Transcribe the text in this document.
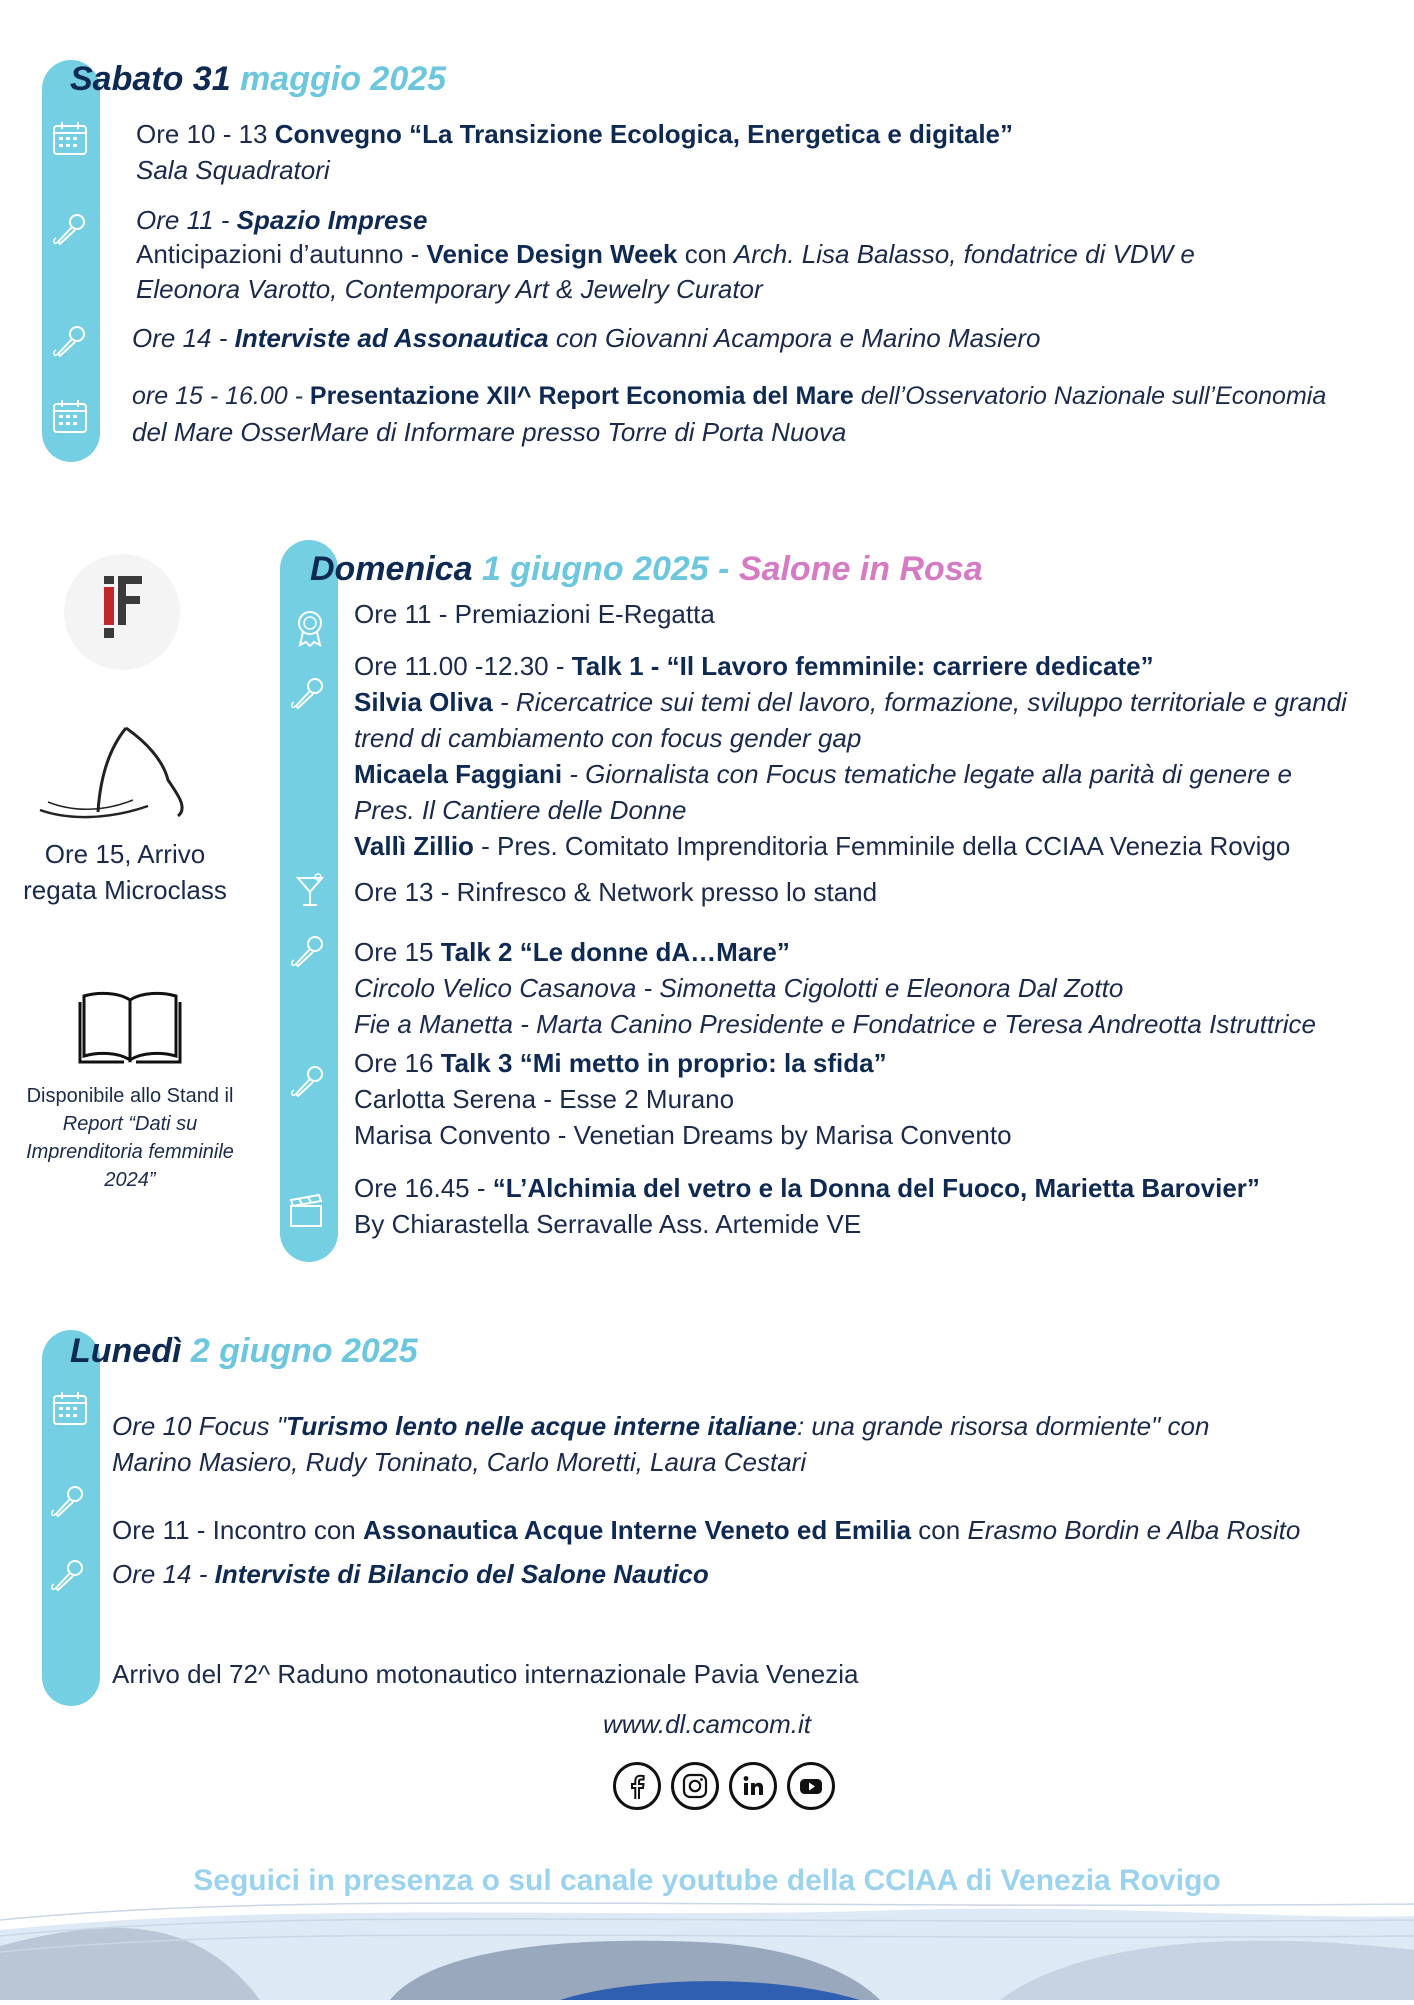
Sabato 31 maggio 2025
Ore 10 - 13 Convegno “La Transizione Ecologica, Energetica e digitale”
Sala Squadratori
Ore 11 - Spazio Imprese
Anticipazioni d’autunno - Venice Design Week con Arch. Lisa Balasso, fondatrice di VDW e
Eleonora Varotto, Contemporary Art & Jewelry Curator
Ore 14 - Interviste ad Assonautica con Giovanni Acampora e Marino Masiero
ore 15 - 16.00 - Presentazione XII^ Report Economia del Mare dell’Osservatorio Nazionale sull’Economia
del Mare OsserMare di Informare presso Torre di Porta Nuova
Ore 15, Arrivo
regata Microclass
Disponibile allo Stand il
Report “Dati su
Imprenditoria femminile
2024”
Domenica 1 giugno 2025 - Salone in Rosa
Ore 11 - Premiazioni E-Regatta
Ore 11.00 -12.30 - Talk 1 - “Il Lavoro femminile: carriere dedicate”
Silvia Oliva - Ricercatrice sui temi del lavoro, formazione, sviluppo territoriale e grandi
trend di cambiamento con focus gender gap
Micaela Faggiani - Giornalista con Focus tematiche legate alla parità di genere e
Pres. Il Cantiere delle Donne
Vallì Zillio - Pres. Comitato Imprenditoria Femminile della CCIAA Venezia Rovigo
Ore 13 - Rinfresco & Network presso lo stand
Ore 15 Talk 2 “Le donne dA…Mare”
Circolo Velico Casanova - Simonetta Cigolotti e Eleonora Dal Zotto
Fie a Manetta - Marta Canino Presidente e Fondatrice e Teresa Andreotta Istruttrice
Ore 16 Talk 3 “Mi metto in proprio: la sfida”
Carlotta Serena - Esse 2 Murano
Marisa Convento - Venetian Dreams by Marisa Convento
Ore 16.45 - “L’Alchimia del vetro e la Donna del Fuoco, Marietta Barovier”
By Chiarastella Serravalle Ass. Artemide VE
Lunedì 2 giugno 2025
Ore 10 Focus "Turismo lento nelle acque interne italiane: una grande risorsa dormiente" con
Marino Masiero, Rudy Toninato, Carlo Moretti, Laura Cestari
Ore 11 - Incontro con Assonautica Acque Interne Veneto ed Emilia con Erasmo Bordin e Alba Rosito
Ore 14 - Interviste di Bilancio del Salone Nautico
Arrivo del 72^ Raduno motonautico internazionale Pavia Venezia
www.dl.camcom.it
Seguici in presenza o sul canale youtube della CCIAA di Venezia Rovigo
